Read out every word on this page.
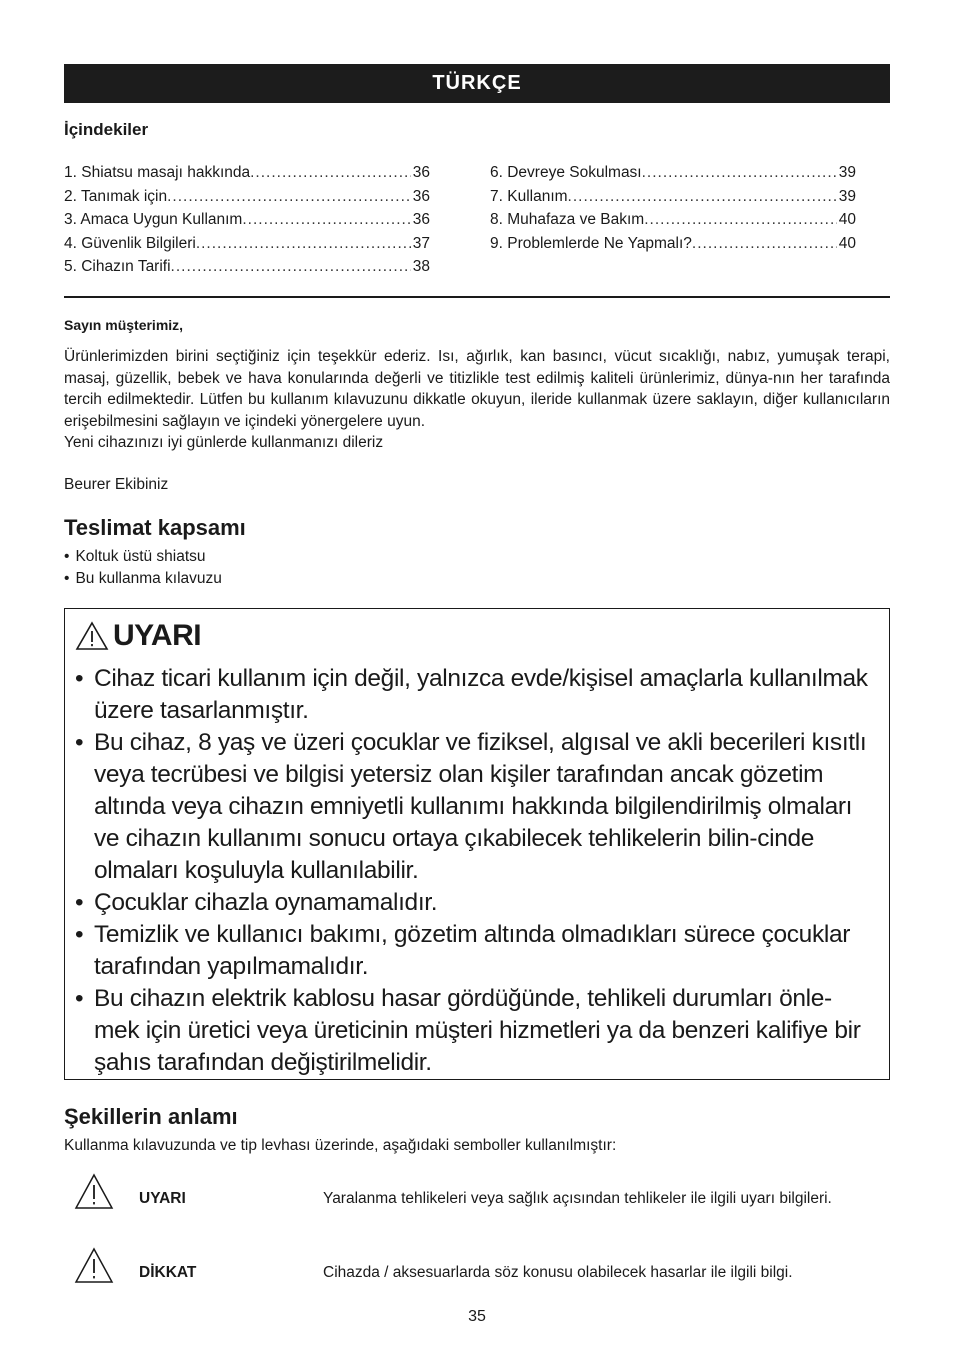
TÜRKÇE
İçindekiler
1. Shiatsu masajı hakkında .....	36
2. Tanımak için .....	36
3. Amaca Uygun Kullanım .....	36
4. Güvenlik Bilgileri .....	37
5. Cihazın Tarifi .....	38
6. Devreye Sokulması .....	39
7. Kullanım .....	39
8. Muhafaza ve Bakım .....	40
9. Problemlerde Ne Yapmalı? .....	40
Sayın müşterimiz,

Ürünlerimizden birini seçtiğiniz için teşekkür ederiz. Isı, ağırlık, kan basıncı, vücut sıcaklığı, nabız, yumuşak terapi, masaj, güzellik, bebek ve hava konularında değerli ve titizlikle test edilmiş kaliteli ürünlerimiz, dünya-nın her tarafında tercih edilmektedir. Lütfen bu kullanım kılavuzunu dikkatle okuyun, ileride kullanmak üzere saklayın, diğer kullanıcıların erişebilmesini sağlayın ve içindeki yönergelere uyun.

Yeni cihazınızı iyi günlerde kullanmanızı dileriz
Beurer Ekibiniz
Teslimat kapsamı
• Koltuk üstü shiatsu
• Bu kullanma kılavuzu
UYARI
• Cihaz ticari kullanım için değil, yalnızca evde/kişisel amaçlarla kullanılmak üzere tasarlanmıştır.
• Bu cihaz, 8 yaş ve üzeri çocuklar ve fiziksel, algısal ve akli becerileri kısıtlı veya tecrübesi ve bilgisi yetersiz olan kişiler tarafından ancak gözetim altında veya cihazın emniyetli kullanımı hakkında bilgilendirilmiş olmaları ve cihazın kullanımı sonucu ortaya çıkabilecek tehlikelerin bilin-cinde olmaları koşuluyla kullanılabilir.
• Çocuklar cihazla oynamamalıdır.
• Temizlik ve kullanıcı bakımı, gözetim altında olmadıkları sürece çocuklar tarafından yapılmamalıdır.
• Bu cihazın elektrik kablosu hasar gördüğünde, tehlikeli durumları önle-mek için üretici veya üreticinin müşteri hizmetleri ya da benzeri kalifiye bir şahıs tarafından değiştirilmelidir.
Şekillerin anlamı
Kullanma kılavuzunda ve tip levhası üzerinde, aşağıdaki semboller kullanılmıştır:
UYARI	Yaralanma tehlikeleri veya sağlık açısından tehlikeler ile ilgili uyarı bilgileri.
DİKKAT	Cihazda / aksesuarlarda söz konusu olabilecek hasarlar ile ilgili bilgi.
35
